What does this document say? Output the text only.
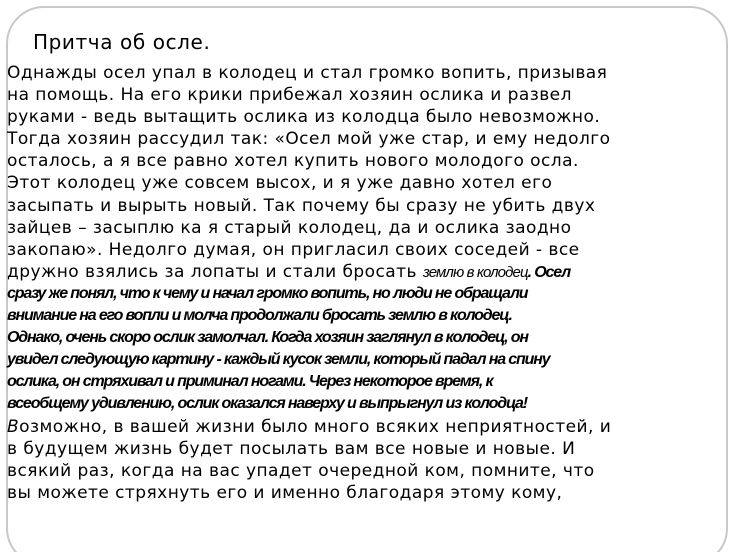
Притча об осле.
Однажды осел упал в колодец и стал громко вопить, призывая
на помощь. На его крики прибежал хозяин ослика и развел
руками - ведь вытащить ослика из колодца было невозможно.
Тогда хозяин рассудил так: «Осел мой уже стар, и ему недолго
осталось, а я все равно хотел купить нового молодого осла.
Этот колодец уже совсем высох, и я уже давно хотел его
засыпать и вырыть новый. Так почему бы сразу не убить двух
зайцев – засыплю ка я старый колодец, да и ослика заодно
закопаю». Недолго думая, он пригласил своих соседей - все
дружно взялись за лопаты и стали бросать землю в колодец. Осел
сразу же понял, что к чему и начал громко вопить, но люди не обращали
внимание на его вопли и молча продолжали бросать землю в колодец.
Однако, очень скоро ослик замолчал. Когда хозяин заглянул в колодец, он
увидел следующую картину - каждый кусок земли, который падал на спину
ослика, он стряхивал и приминал ногами. Через некоторое время, к
всеобщему удивлению, ослик оказался наверху и выпрыгнул из колодца!
Возможно, в вашей жизни было много всяких неприятностей, и
в будущем жизнь будет посылать вам все новые и новые. И
всякий раз, когда на вас упадет очередной ком, помните, что
вы можете стряхнуть его и именно благодаря этому кому,
